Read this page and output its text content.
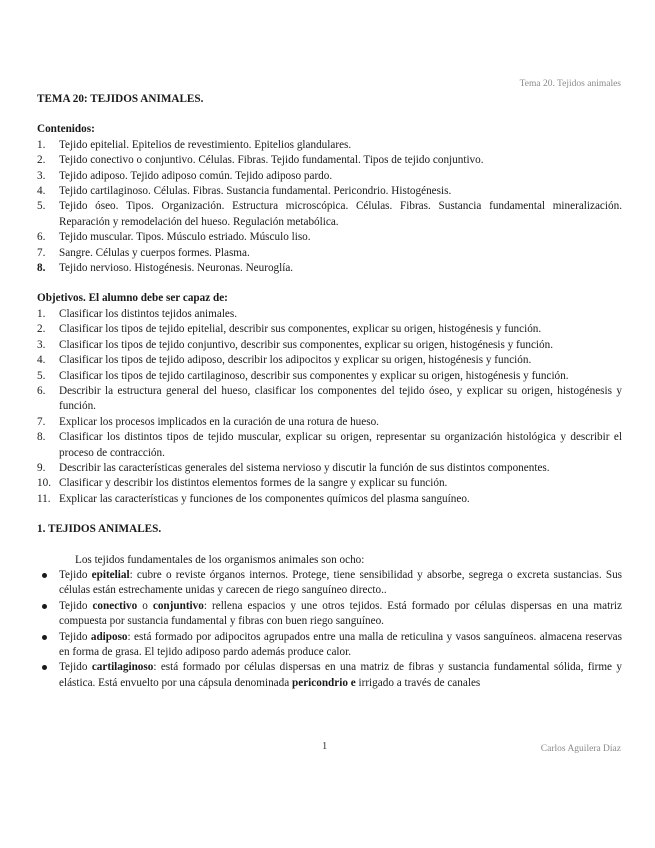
Tema 20. Tejidos animales

TEMA 20: TEJIDOS ANIMALES.

Contenidos:

1. Tejido epitelial. Epitelios de revestimiento. Epitelios glandulares.
2. Tejido conectivo o conjuntivo. Células. Fibras. Tejido fundamental. Tipos de tejido conjuntivo.
3. Tejido adiposo. Tejido adiposo común. Tejido adiposo pardo.
4. Tejido cartilaginoso. Células. Fibras. Sustancia fundamental. Pericondrio. Histogénesis.
5. Tejido óseo. Tipos. Organización. Estructura microscópica. Células. Fibras. Sustancia fundamental mineralización. Reparación y remodelación del hueso. Regulación metabólica.
6. Tejido muscular. Tipos. Músculo estriado. Músculo liso.
7. Sangre. Células y cuerpos formes. Plasma.
8. Tejido nervioso. Histogénesis. Neuronas. Neuroglía.

Objetivos. El alumno debe ser capaz de:

1. Clasificar los distintos tejidos animales.
2. Clasificar los tipos de tejido epitelial, describir sus componentes, explicar su origen, histogénesis y función.
3. Clasificar los tipos de tejido conjuntivo, describir sus componentes, explicar su origen, histogénesis y función.
4. Clasificar los tipos de tejido adiposo, describir los adipocitos y explicar su origen, histogénesis y función.
5. Clasificar los tipos de tejido cartilaginoso, describir sus componentes y explicar su origen, histogénesis y función.
6. Describir la estructura general del hueso, clasificar los componentes del tejido óseo, y explicar su origen, histogénesis y función.
7. Explicar los procesos implicados en la curación de una rotura de hueso.
8. Clasificar los distintos tipos de tejido muscular, explicar su origen, representar su organización histológica y describir el proceso de contracción.
9. Describir las características generales del sistema nervioso y discutir la función de sus distintos componentes.
10. Clasificar y describir los distintos elementos formes de la sangre y explicar su función.
11. Explicar las características y funciones de los componentes químicos del plasma sanguíneo.

1. TEJIDOS ANIMALES.

Los tejidos fundamentales de los organismos animales son ocho:

Tejido epitelial: cubre o reviste órganos internos. Protege, tiene sensibilidad y absorbe, segrega o excreta sustancias. Sus células están estrechamente unidas y carecen de riego sanguíneo directo..
Tejido conectivo o conjuntivo: rellena espacios y une otros tejidos. Está formado por células dispersas en una matriz compuesta por sustancia fundamental y fibras con buen riego sanguíneo.
Tejido adiposo: está formado por adipocitos agrupados entre una malla de reticulina y vasos sanguíneos. almacena reservas en forma de grasa. El tejido adiposo pardo además produce calor.
Tejido cartilaginoso: está formado por células dispersas en una matriz de fibras y sustancia fundamental sólida, firme y elástica. Está envuelto por una cápsula denominada pericondrio e irrigado a través de canales
1	Carlos Aguilera Díaz
